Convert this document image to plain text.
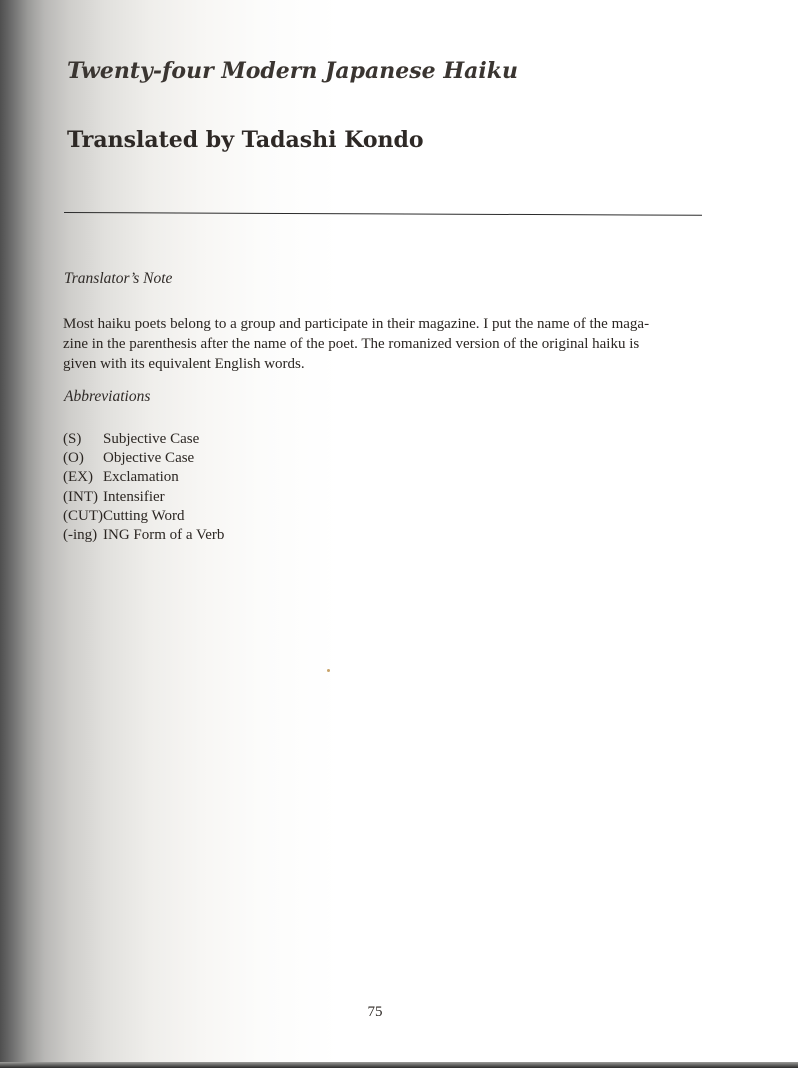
Twenty-four Modern Japanese Haiku
Translated by Tadashi Kondo
Translator’s Note

Most haiku poets belong to a group and participate in their magazine. I put the name of the maga-
zine in the parenthesis after the name of the poet. The romanized version of the original haiku is
given with its equivalent English words.

Abbreviations
(S)	Subjective Case
(O)	Objective Case
(EX) Exclamation
(INT) Intensifier
(CUT) Cutting Word
(-ing) ING Form of a Verb
75
